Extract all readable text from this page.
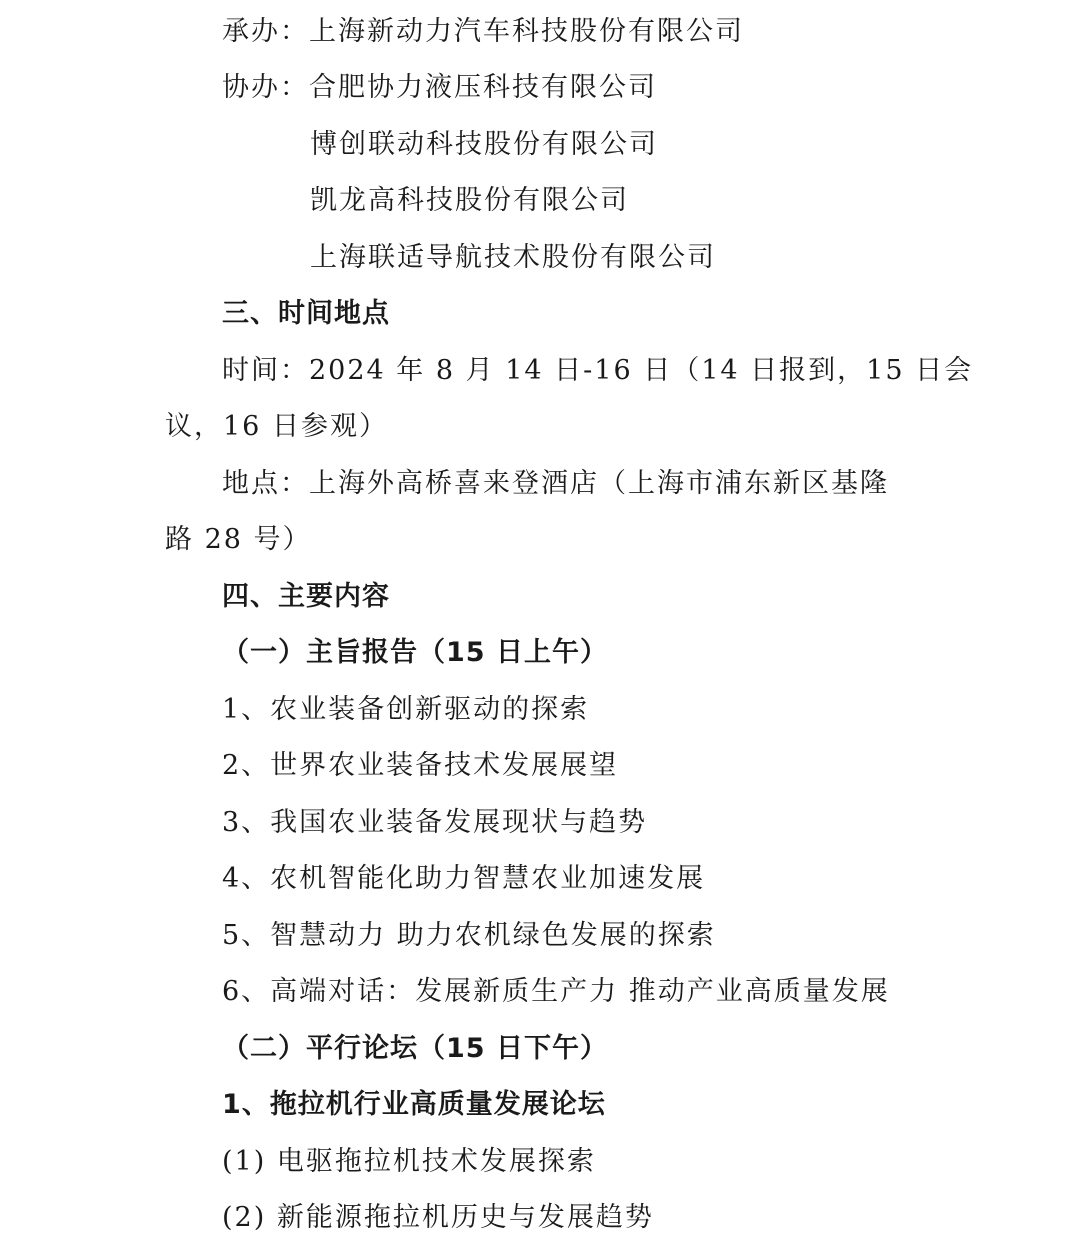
承办：上海新动力汽车科技股份有限公司
协办：合肥协力液压科技有限公司
博创联动科技股份有限公司
凯龙高科技股份有限公司
上海联适导航技术股份有限公司
三、时间地点
时间：2024 年 8 月 14 日-16 日（14 日报到，15 日会
议，16 日参观）
地点：上海外高桥喜来登酒店（上海市浦东新区基隆
路 28 号）
四、主要内容
（一）主旨报告（15 日上午）
1、农业装备创新驱动的探索
2、世界农业装备技术发展展望
3、我国农业装备发展现状与趋势
4、农机智能化助力智慧农业加速发展
5、智慧动力 助力农机绿色发展的探索
6、高端对话：发展新质生产力 推动产业高质量发展
（二）平行论坛（15 日下午）
1、拖拉机行业高质量发展论坛
(1) 电驱拖拉机技术发展探索
(2) 新能源拖拉机历史与发展趋势
